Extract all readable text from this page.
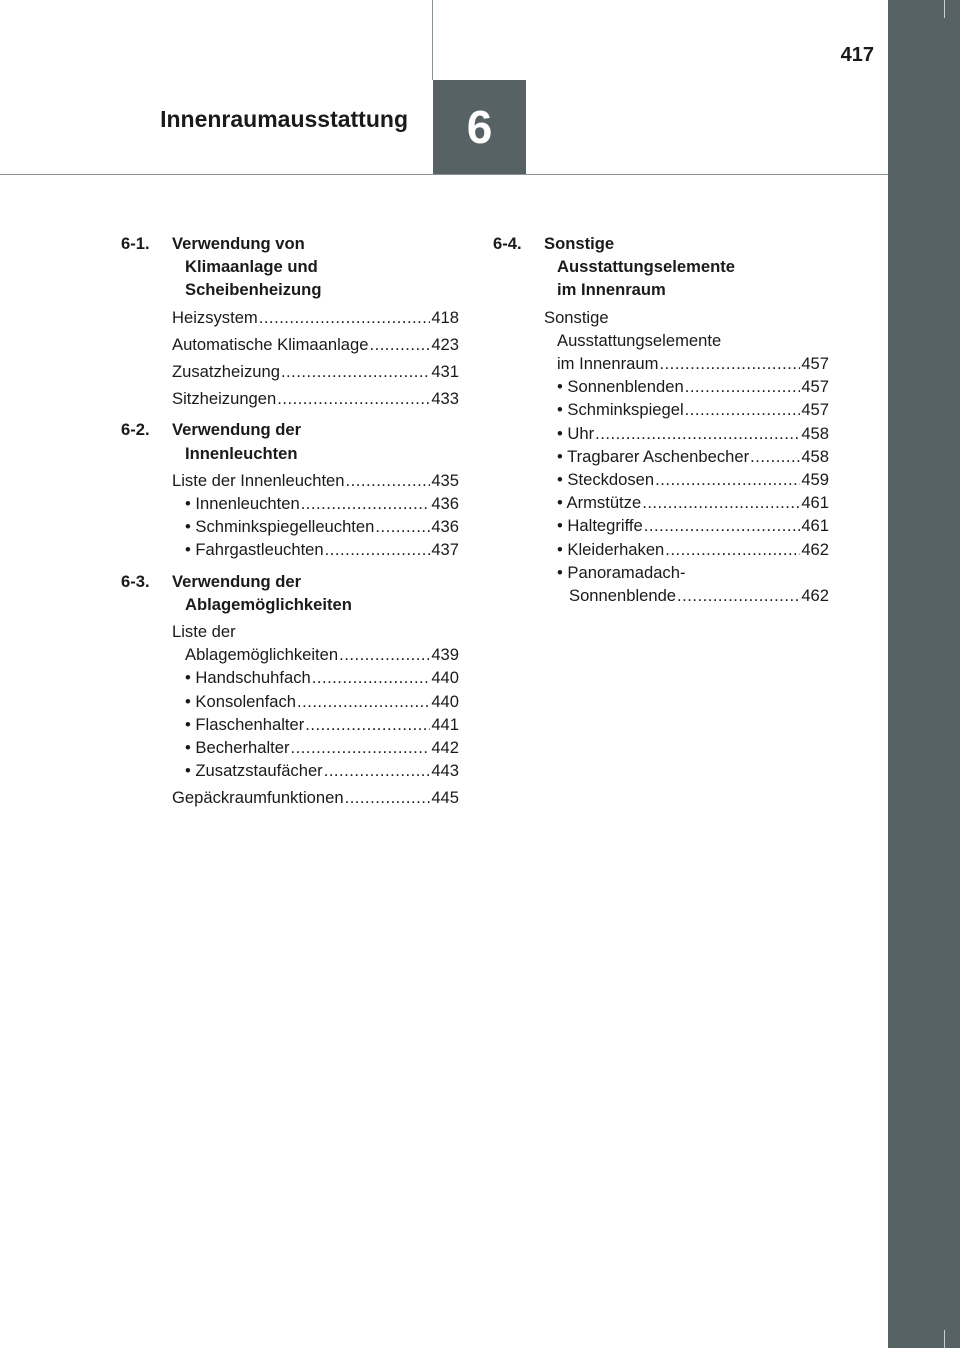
417
Innenraumausstattung	6
6-1.	Verwendung von
Klimaanlage und
Scheibenheizung
Heizsystem .....	418
Automatische Klimaanlage .....	423
Zusatzheizung .....	431
Sitzheizungen .....	433
6-2.	Verwendung der
Innenleuchten
Liste der Innenleuchten .....	435
• Innenleuchten .....	436
• Schminkspiegelleuchten .....	436
• Fahrgastleuchten .....	437
6-3.	Verwendung der
Ablagemöglichkeiten
Liste der
Ablagemöglichkeiten .....	439
• Handschuhfach .....	440
• Konsolenfach .....	440
• Flaschenhalter .....	441
• Becherhalter .....	442
• Zusatzstaufächer .....	443
Gepäckraumfunktionen .....	445
6-4.	Sonstige
Ausstattungselemente
im Innenraum
Sonstige
Ausstattungselemente
im Innenraum .....	457
• Sonnenblenden .....	457
• Schminkspiegel .....	457
• Uhr .....	458
• Tragbarer Aschenbecher .....	458
• Steckdosen .....	459
• Armstütze .....	461
• Haltegriffe .....	461
• Kleiderhaken .....	462
• Panoramadach-
Sonnenblende .....	462
